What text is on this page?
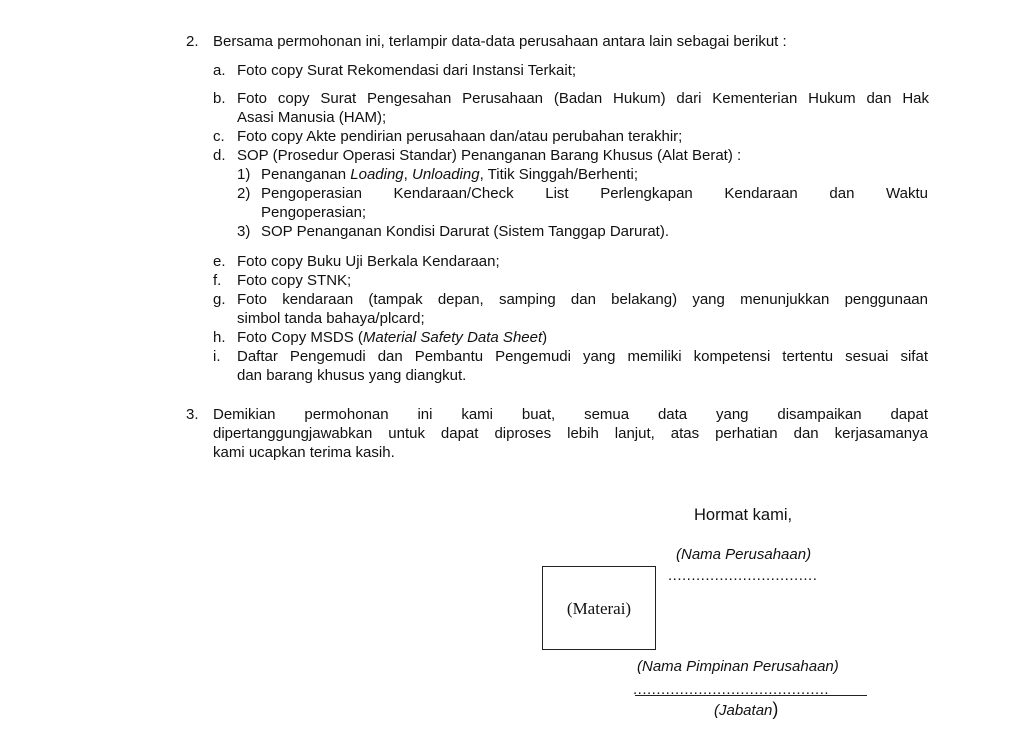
2. Bersama permohonan ini, terlampir data-data perusahaan antara lain sebagai berikut :
a. Foto copy Surat Rekomendasi dari Instansi Terkait;
b. Foto copy Surat Pengesahan Perusahaan (Badan Hukum) dari Kementerian Hukum dan Hak
Asasi Manusia (HAM);
c. Foto copy Akte pendirian perusahaan dan/atau perubahan terakhir;
d. SOP (Prosedur Operasi Standar) Penanganan Barang Khusus (Alat Berat) :
1) Penanganan Loading, Unloading, Titik Singgah/Berhenti;
2) Pengoperasian Kendaraan/Check List Perlengkapan Kendaraan dan Waktu
Pengoperasian;
3) SOP Penanganan Kondisi Darurat (Sistem Tanggap Darurat).
e. Foto copy Buku Uji Berkala Kendaraan;
f. Foto copy STNK;
g. Foto kendaraan (tampak depan, samping dan belakang) yang menunjukkan penggunaan
simbol tanda bahaya/plcard;
h. Foto Copy MSDS (Material Safety Data Sheet)
i. Daftar Pengemudi dan Pembantu Pengemudi yang memiliki kompetensi tertentu sesuai sifat
dan barang khusus yang diangkut.
3. Demikian permohonan ini kami buat, semua data yang disampaikan dapat
dipertanggungjawabkan untuk dapat diproses lebih lanjut, atas perhatian dan kerjasamanya
kami ucapkan terima kasih.
Hormat kami,
(Nama Perusahaan)
................................
(Materai)
(Nama Pimpinan Perusahaan)
..........................................
(Jabatan)
